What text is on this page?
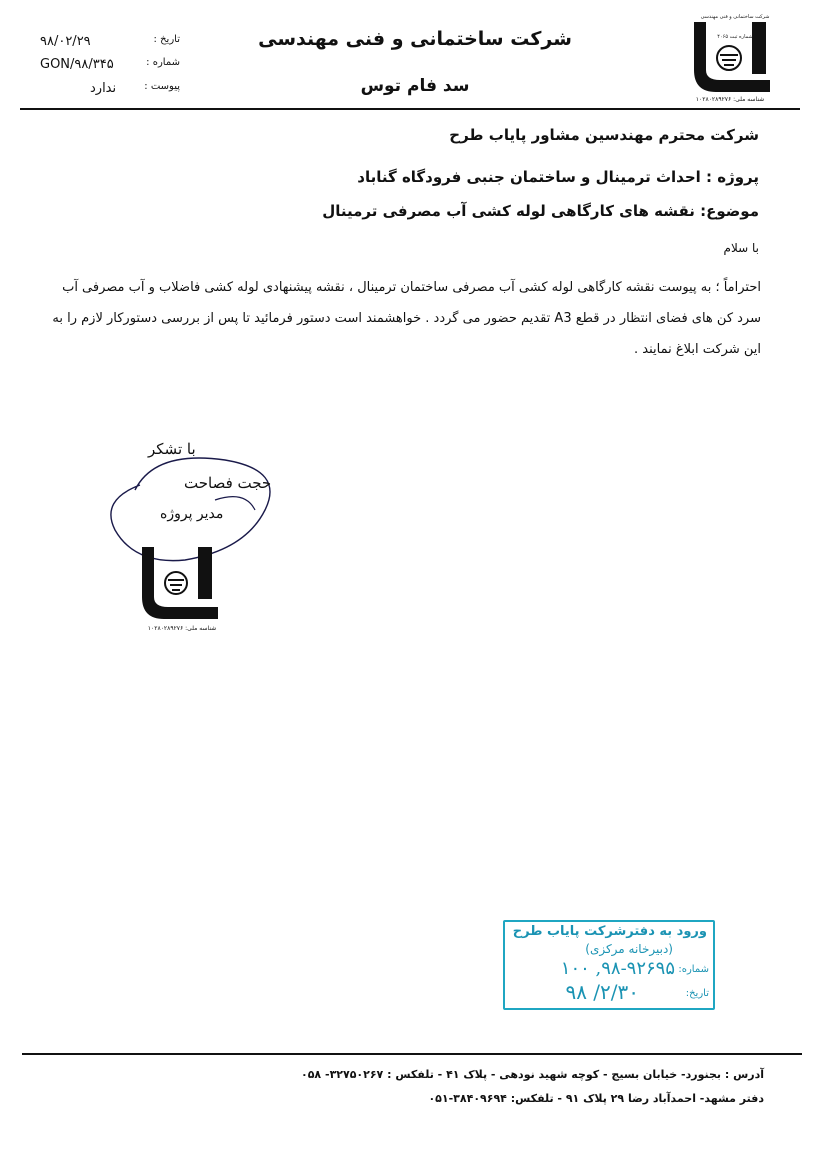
شرکت ساختمانی و فنی مهندسی
سد فام توس
تاریخ :
۹۸/۰۲/۲۹
شماره :
GON/۹۸/۳۴۵
پیوست :
ندارد
شرکت ساختمانی و فنی مهندسی
شماره ثبت ۴۰۶۵
شناسه ملی: ۱۰۲۸۰۲۸۹۲۷۶
شرکت محترم مهندسین مشاور پایاب طرح
پروژه : احداث ترمینال و ساختمان جنبی فرودگاه گناباد
موضوع: نقشه های کارگاهی لوله کشی آب مصرفی ترمینال
با سلام
احتراماً ؛ به پیوست نقشه کارگاهی لوله کشی آب مصرفی ساختمان ترمینال ، نقشه پیشنهادی لوله کشی فاضلاب و آب مصرفی آب سرد کن های فضای انتظار در قطع A3 تقدیم حضور می گردد . خواهشمند است دستور فرمائید تا پس از بررسی دستورکار لازم را به این شرکت ابلاغ نمایند .
با تشکر
حجت فصاحت
مدیر پروژه
شناسه ملی: ۱۰۲۸۰۲۸۹۲۷۶
ورود به دفترشرکت پایاب طرح
(دبیرخانه مرکزی)
شماره:
۱۰۰ ,۹۸-۹۲۶۹۵
تاریخ:
۹۸ /۲/۳۰
آدرس : بجنورد- خیابان بسیج - کوچه شهید نودهی - پلاک ۴۱ - تلفکس : ۳۲۷۵۰۲۶۷- ۰۵۸
دفتر مشهد- احمدآباد رضا ۲۹ پلاک ۹۱ - تلفکس: ۳۸۴۰۹۶۹۴-۰۵۱
